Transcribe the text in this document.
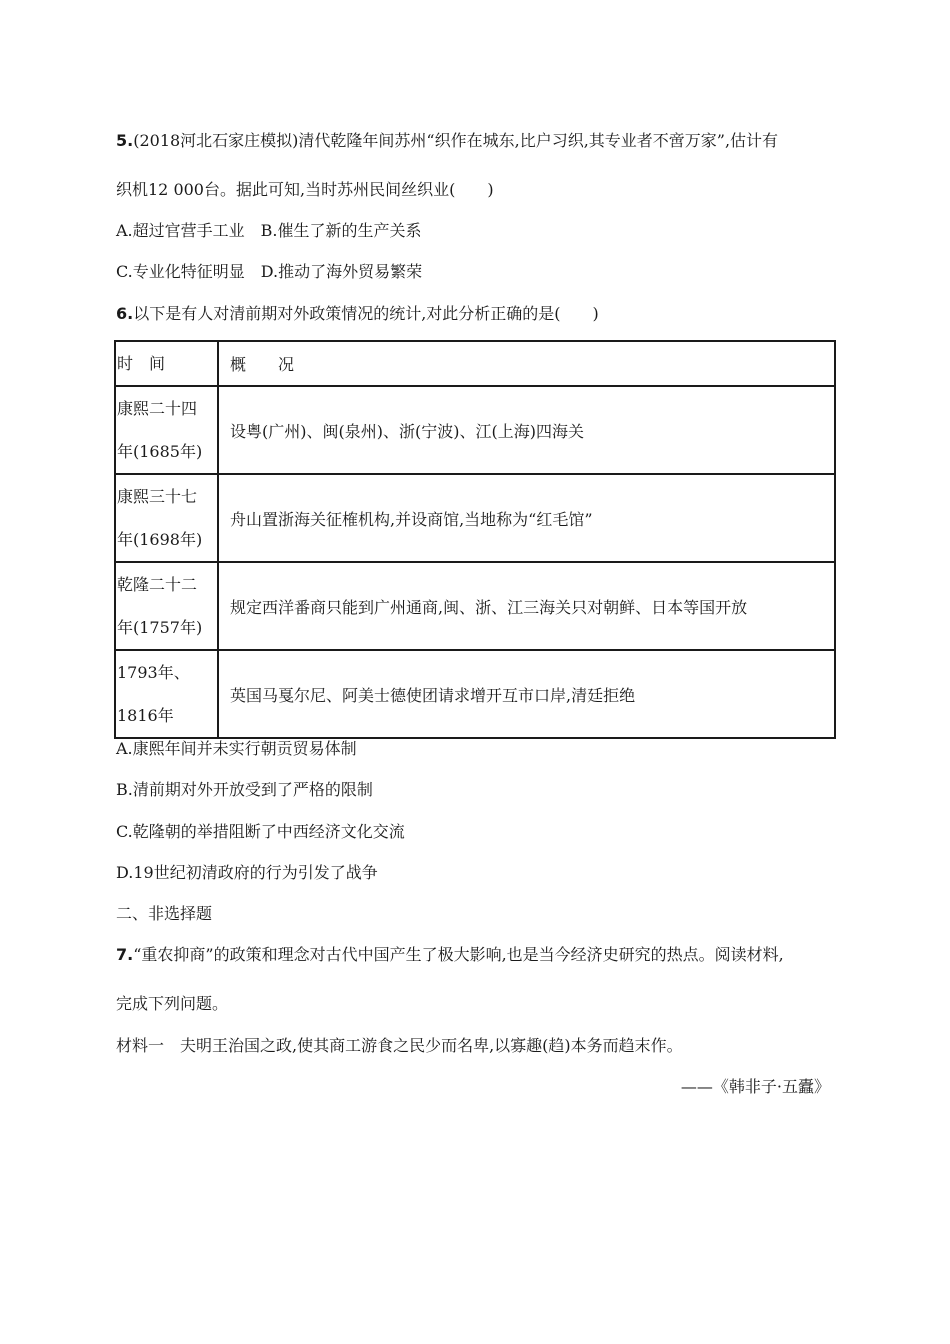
5.(2018河北石家庄模拟)清代乾隆年间苏州“织作在城东,比户习织,其专业者不啻万家”,估计有
织机12 000台。据此可知,当时苏州民间丝织业(　　)
A.超过官营手工业　B.催生了新的生产关系
C.专业化特征明显　D.推动了海外贸易繁荣
6.以下是有人对清前期对外政策情况的统计,对此分析正确的是(　　)
时　间	概　　况

康熙二十四
年(1685年)	设粤(广州)、闽(泉州)、浙(宁波)、江(上海)四海关

康熙三十七
年(1698年)	舟山置浙海关征榷机构,并设商馆,当地称为“红毛馆”

乾隆二十二
年(1757年)	规定西洋番商只能到广州通商,闽、浙、江三海关只对朝鲜、日本等国开放

1793年、
1816年	英国马戛尔尼、阿美士德使团请求增开互市口岸,清廷拒绝
A.康熙年间并未实行朝贡贸易体制
B.清前期对外开放受到了严格的限制
C.乾隆朝的举措阻断了中西经济文化交流
D.19世纪初清政府的行为引发了战争
二、非选择题
7.“重农抑商”的政策和理念对古代中国产生了极大影响,也是当今经济史研究的热点。阅读材料,
完成下列问题。
材料一　夫明王治国之政,使其商工游食之民少而名卑,以寡趣(趋)本务而趋末作。
——《韩非子·五蠹》
